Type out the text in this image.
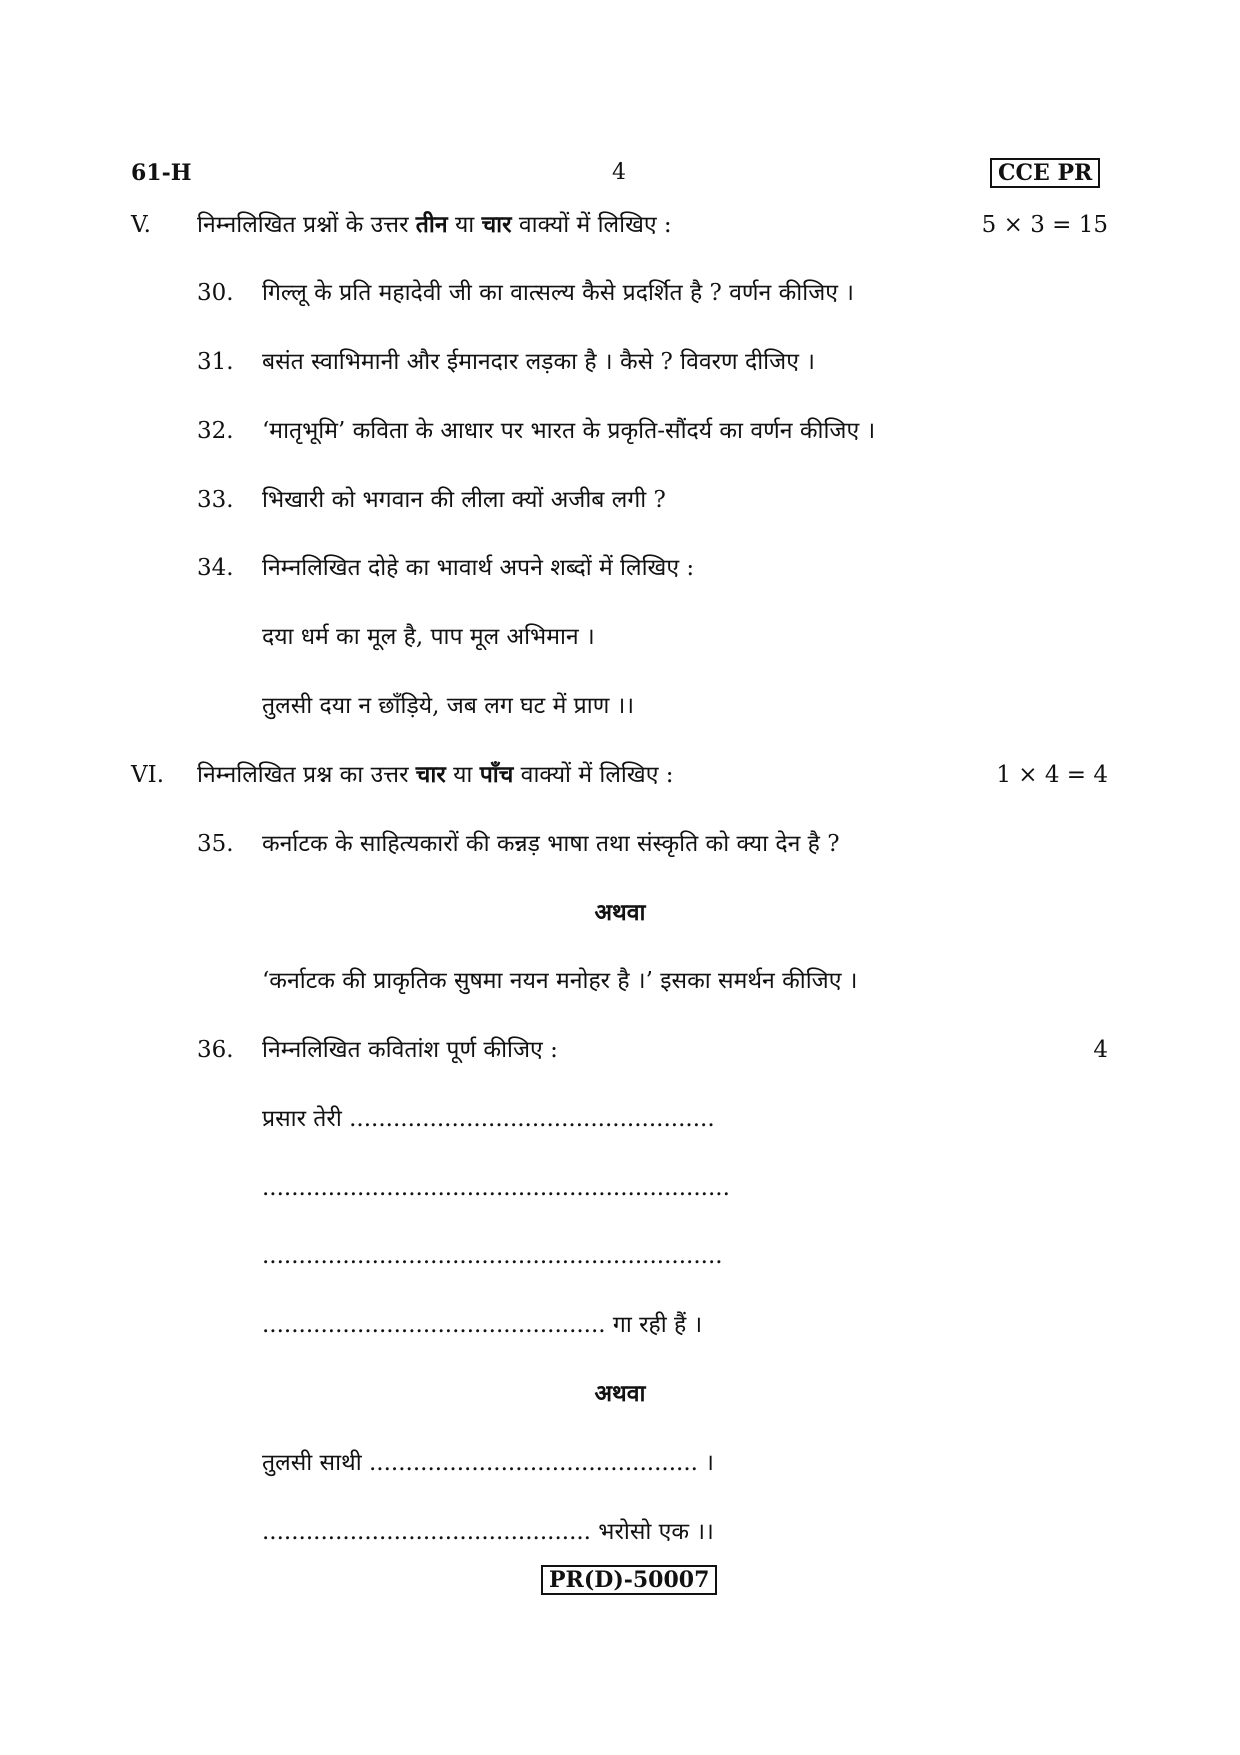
61-H	4	CCE PR
V. निम्नलिखित प्रश्नों के उत्तर तीन या चार वाक्यों में लिखिए :	5 × 3 = 15
30. गिल्लू के प्रति महादेवी जी का वात्सल्य कैसे प्रदर्शित है ? वर्णन कीजिए ।
31. बसंत स्वाभिमानी और ईमानदार लड़का है । कैसे ? विवरण दीजिए ।
32. ‘मातृभूमि’ कविता के आधार पर भारत के प्रकृति-सौंदर्य का वर्णन कीजिए ।
33. भिखारी को भगवान की लीला क्यों अजीब लगी ?
34. निम्नलिखित दोहे का भावार्थ अपने शब्दों में लिखिए :
दया धर्म का मूल है, पाप मूल अभिमान ।
तुलसी दया न छाँड़िये, जब लग घट में प्राण ।।
VI. निम्नलिखित प्रश्न का उत्तर चार या पाँच वाक्यों में लिखिए :	1 × 4 = 4
35. कर्नाटक के साहित्यकारों की कन्नड़ भाषा तथा संस्कृति को क्या देन है ?
अथवा
‘कर्नाटक की प्राकृतिक सुषमा नयन मनोहर है ।’ इसका समर्थन कीजिए ।
36. निम्नलिखित कवितांश पूर्ण कीजिए :	4
प्रसार तेरी ..................................................
................................................................
...............................................................
............................................... गा रही हैं ।
अथवा
तुलसी साथी ............................................. ।
............................................. भरोसो एक ।।
PR(D)-50007
